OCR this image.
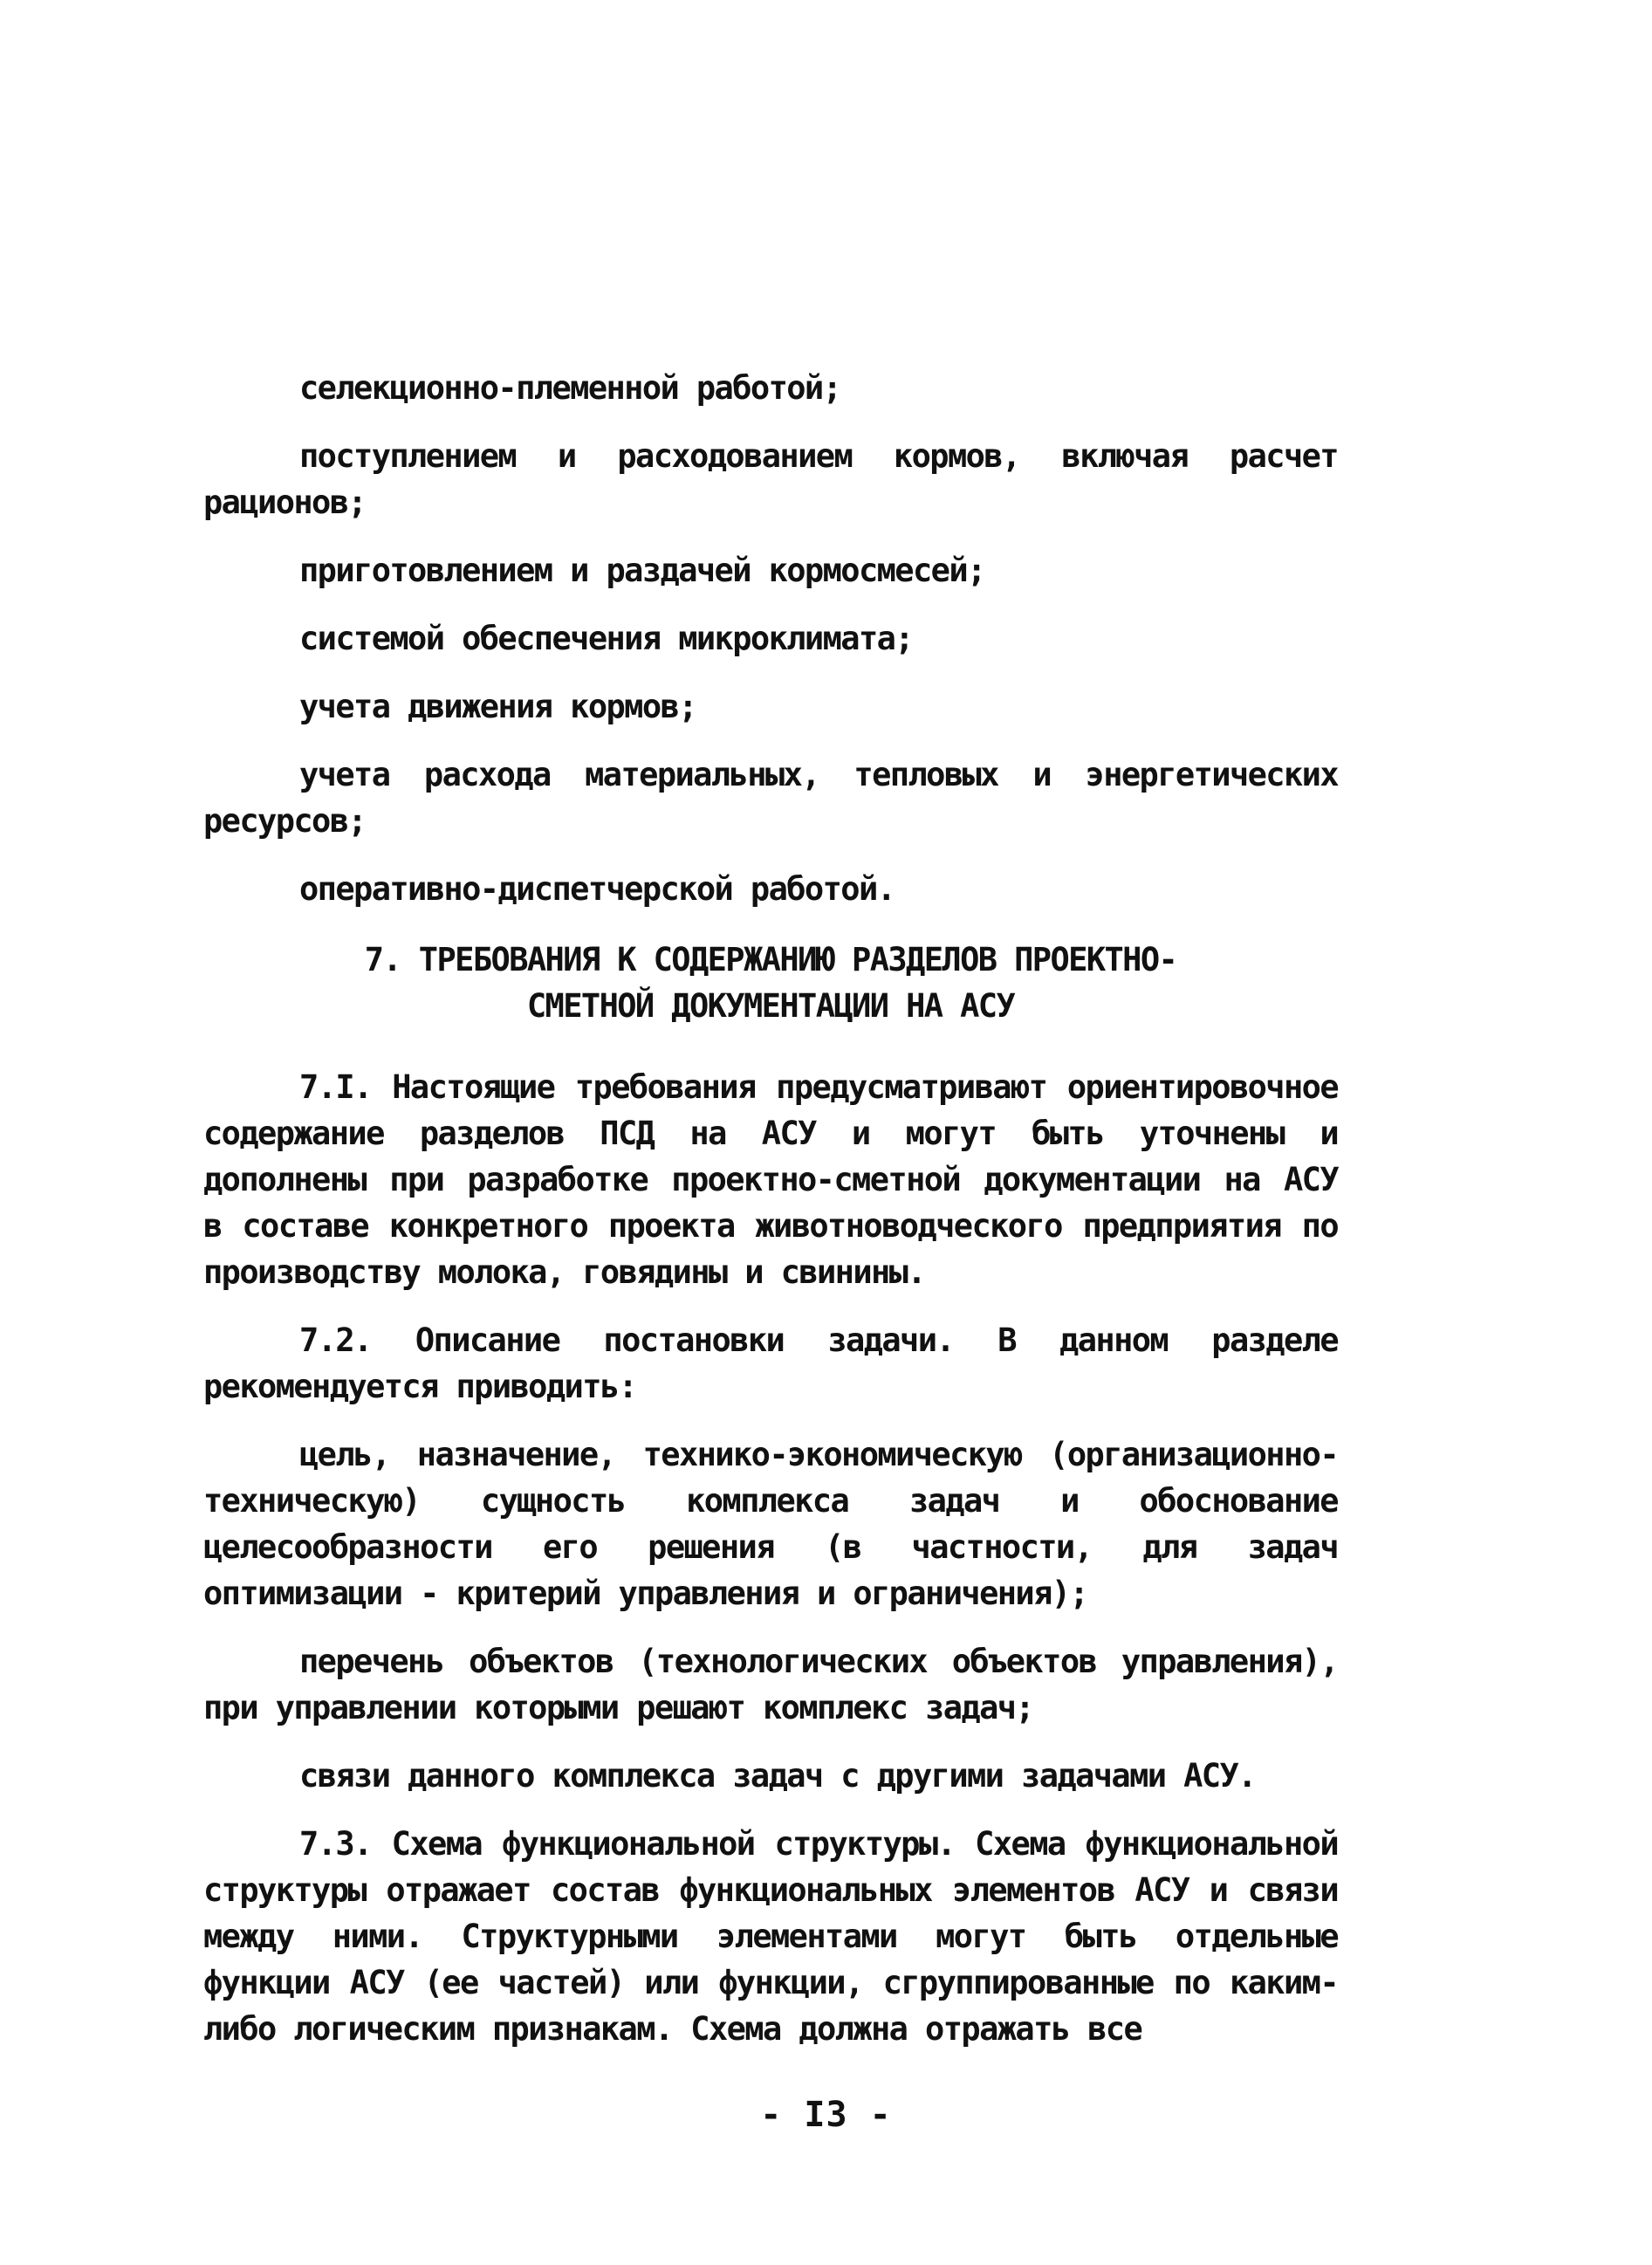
селекционно-племенной работой;

поступлением и расходованием кормов, включая расчет рационов;

приготовлением и раздачей кормосмесей;

системой обеспечения микроклимата;

учета движения кормов;

учета расхода материальных, тепловых и энергетических ресурсов;

оперативно-диспетчерской работой.

7. ТРЕБОВАНИЯ К СОДЕРЖАНИЮ РАЗДЕЛОВ ПРОЕКТНО-
СМЕТНОЙ ДОКУМЕНТАЦИИ НА АСУ

7.I. Настоящие требования предусматривают ориентировочное содержание разделов ПСД на АСУ и могут быть уточнены и дополнены при разработке проектно-сметной документации на АСУ в составе конкретного проекта животноводческого предприятия по производству молока, говядины и свинины.

7.2. Описание постановки задачи. В данном разделе рекомендуется приводить:

цель, назначение, технико-экономическую (организационно-техническую) сущность комплекса задач и обоснование целесообразности его решения (в частности, для задач оптимизации - критерий управления и ограничения);

перечень объектов (технологических объектов управления), при управлении которыми решают комплекс задач;

связи данного комплекса задач с другими задачами АСУ.

7.3. Схема функциональной структуры. Схема функциональной структуры отражает состав функциональных элементов АСУ и связи между ними. Структурными элементами могут быть отдельные функции АСУ (ее частей) или функции, сгруппированные по каким-либо логическим признакам. Схема должна отражать все

- I3 -
